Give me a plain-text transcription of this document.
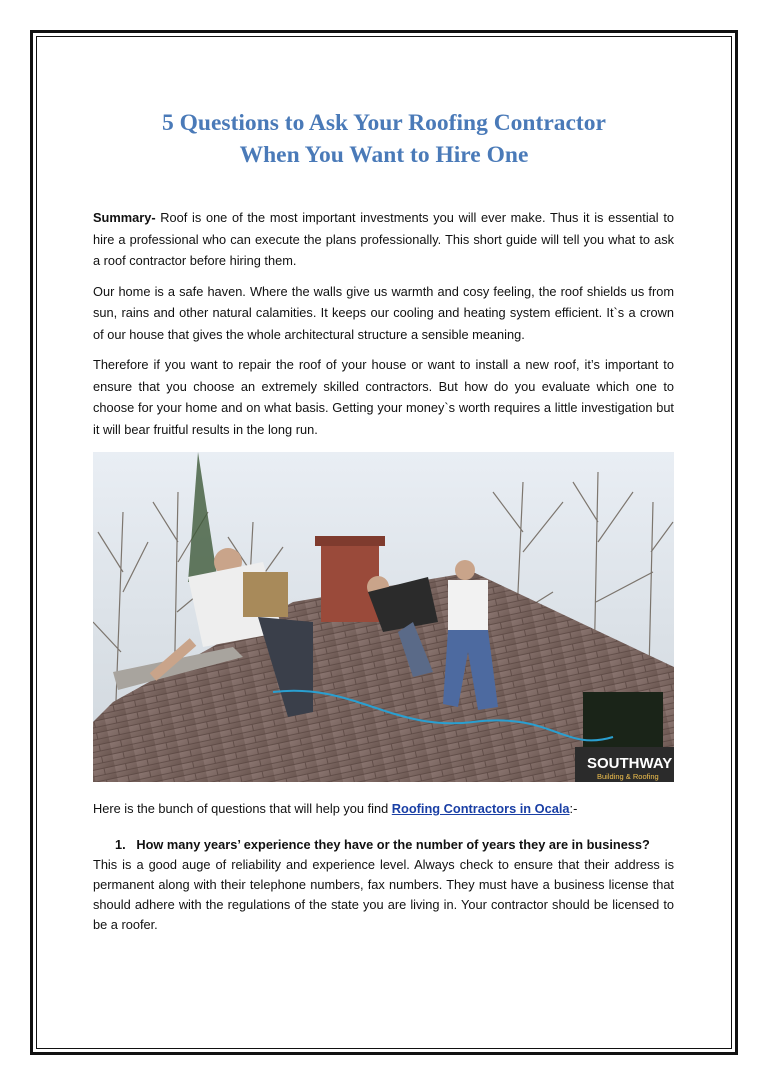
5 Questions to Ask Your Roofing Contractor
When You Want to Hire One

Summary- Roof is one of the most important investments you will ever make. Thus it is essential to hire a professional who can execute the plans professionally. This short guide will tell you what to ask a roof contractor before hiring them.

Our home is a safe haven. Where the walls give us warmth and cosy feeling, the roof shields us from sun, rains and other natural calamities. It keeps our cooling and heating system efficient. It`s a crown of our house that gives the whole architectural structure a sensible meaning.

Therefore if you want to repair the roof of your house or want to install a new roof, it’s important to ensure that you choose an extremely skilled contractors. But how do you evaluate which one to choose for your home and on what basis. Getting your money`s worth requires a little investigation but it will bear fruitful results in the long run.

SOUTHWAY
Building & Roofing

Here is the bunch of questions that will help you find Roofing Contractors in Ocala:-

1. How many years’ experience they have or the number of years they are in business?

This is a good auge of reliability and experience level. Always check to ensure that their address is permanent along with their telephone numbers, fax numbers. They must have a business license that should adhere with the regulations of the state you are living in. Your contractor should be licensed to be a roofer.
